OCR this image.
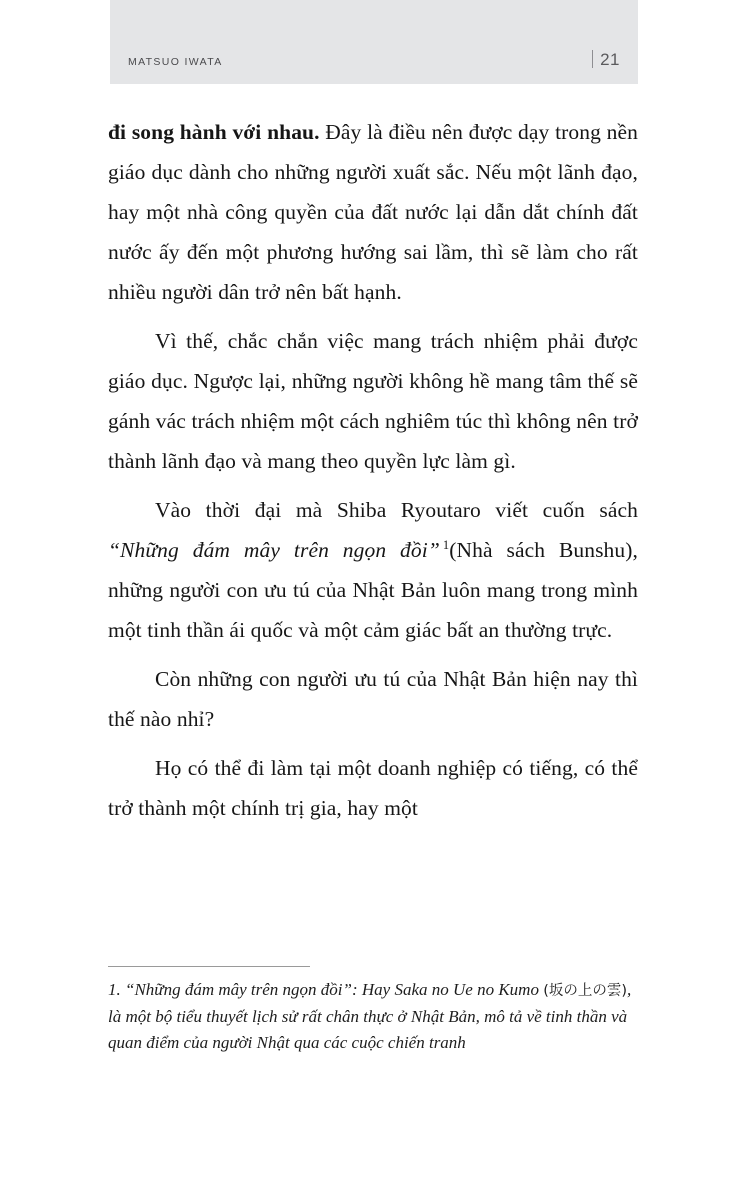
MATSUO IWATA	21

đi song hành với nhau. Đây là điều nên được dạy trong nền giáo dục dành cho những người xuất sắc. Nếu một lãnh đạo, hay một nhà công quyền của đất nước lại dẫn dắt chính đất nước ấy đến một phương hướng sai lầm, thì sẽ làm cho rất nhiều người dân trở nên bất hạnh.

Vì thế, chắc chắn việc mang trách nhiệm phải được giáo dục. Ngược lại, những người không hề mang tâm thế sẽ gánh vác trách nhiệm một cách nghiêm túc thì không nên trở thành lãnh đạo và mang theo quyền lực làm gì.

Vào thời đại mà Shiba Ryoutaro viết cuốn sách “Những đám mây trên ngọn đồi” $^1$(Nhà sách Bunshu), những người con ưu tú của Nhật Bản luôn mang trong mình một tinh thần ái quốc và một cảm giác bất an thường trực.

Còn những con người ưu tú của Nhật Bản hiện nay thì thế nào nhỉ?

Họ có thể đi làm tại một doanh nghiệp có tiếng, có thể trở thành một chính trị gia, hay một

1. “Những đám mây trên ngọn đồi”: Hay Saka no Ue no Kumo (坂の上の雲), là một bộ tiểu thuyết lịch sử rất chân thực ở Nhật Bản, mô tả về tinh thần và quan điểm của người Nhật qua các cuộc chiến tranh
